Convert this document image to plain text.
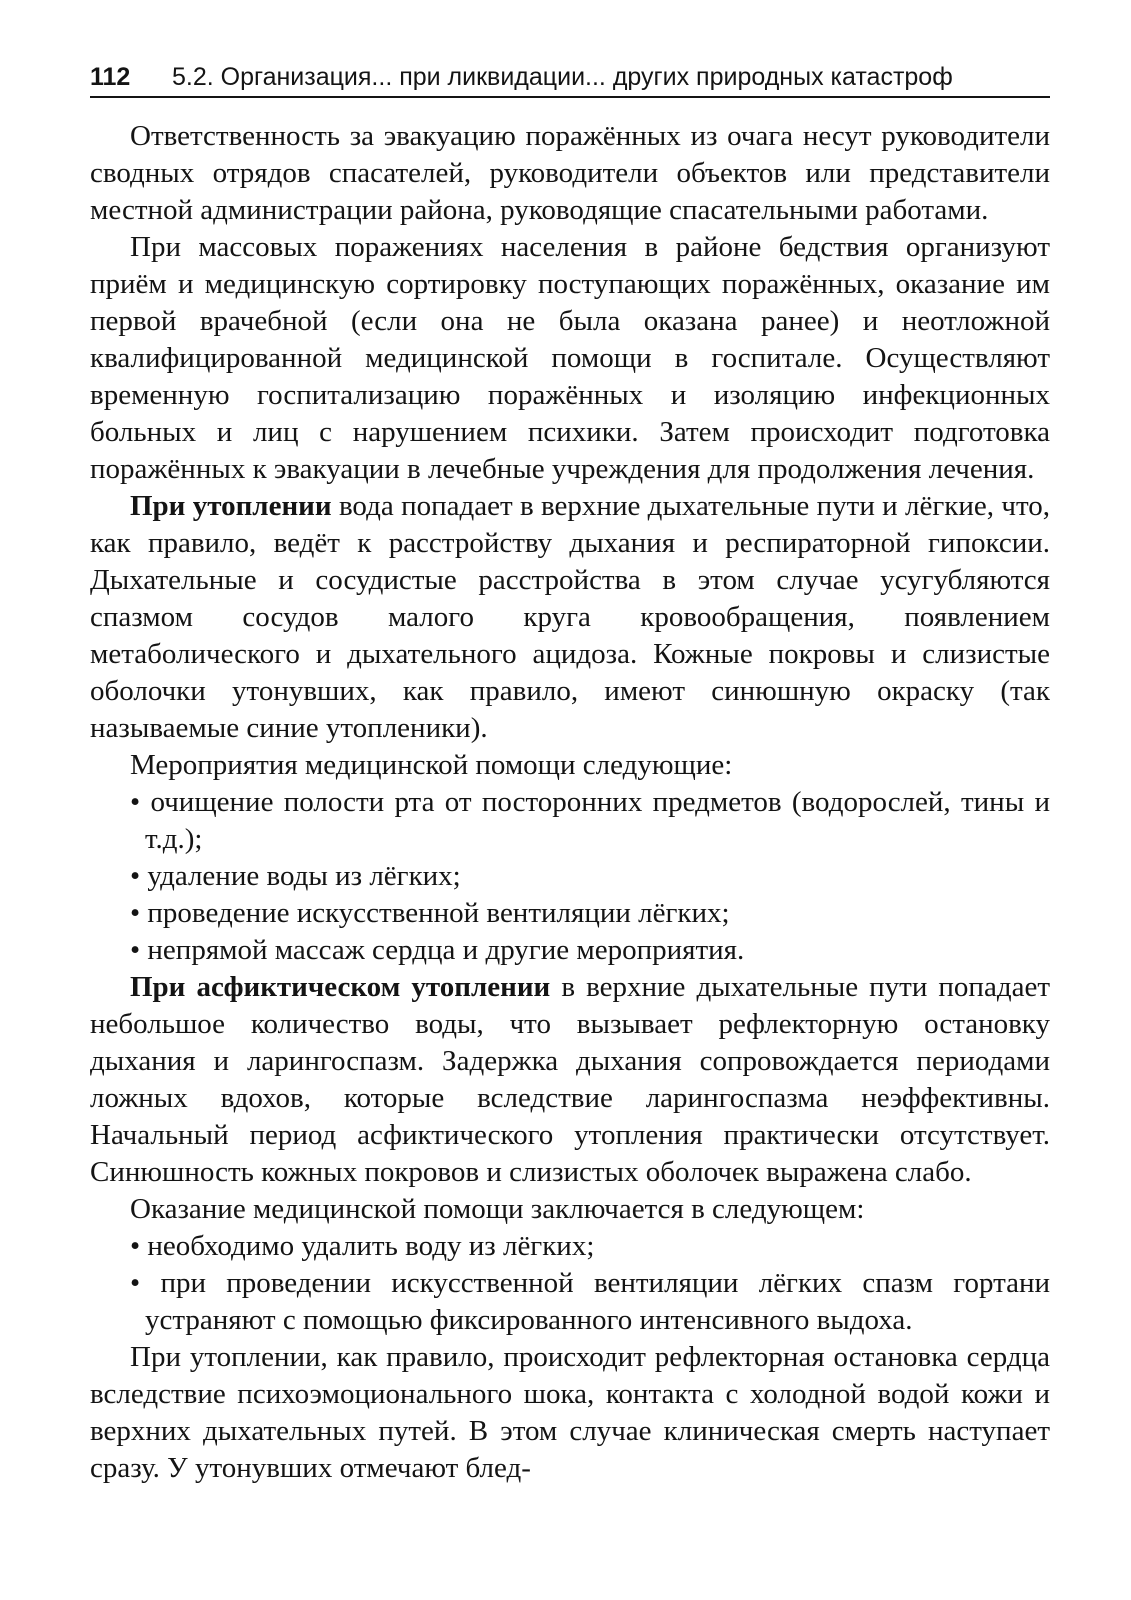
112 5.2. Организация... при ликвидации... других природных катастроф

Ответственность за эвакуацию поражённых из очага несут руководители сводных отрядов спасателей, руководители объектов или представители местной администрации района, руководящие спасательными работами.

При массовых поражениях населения в районе бедствия организуют приём и медицинскую сортировку поступающих поражённых, оказание им первой врачебной (если она не была оказана ранее) и неотложной квалифицированной медицинской помощи в госпитале. Осуществляют временную госпитализацию поражённых и изоляцию инфекционных больных и лиц с нарушением психики. Затем происходит подготовка поражённых к эвакуации в лечебные учреждения для продолжения лечения.

При утоплении вода попадает в верхние дыхательные пути и лёгкие, что, как правило, ведёт к расстройству дыхания и респираторной гипоксии. Дыхательные и сосудистые расстройства в этом случае усугубляются спазмом сосудов малого круга кровообращения, появлением метаболического и дыхательного ацидоза. Кожные покровы и слизистые оболочки утонувших, как правило, имеют синюшную окраску (так называемые синие утопленики).

Мероприятия медицинской помощи следующие:

• очищение полости рта от посторонних предметов (водорослей, тины и т.д.);
• удаление воды из лёгких;
• проведение искусственной вентиляции лёгких;
• непрямой массаж сердца и другие мероприятия.

При асфиктическом утоплении в верхние дыхательные пути попадает небольшое количество воды, что вызывает рефлекторную остановку дыхания и ларингоспазм. Задержка дыхания сопровождается периодами ложных вдохов, которые вследствие ларингоспазма неэффективны. Начальный период асфиктического утопления практически отсутствует. Синюшность кожных покровов и слизистых оболочек выражена слабо.

Оказание медицинской помощи заключается в следующем:

• необходимо удалить воду из лёгких;
• при проведении искусственной вентиляции лёгких спазм гортани устраняют с помощью фиксированного интенсивного выдоха.

При утоплении, как правило, происходит рефлекторная остановка сердца вследствие психоэмоционального шока, контакта с холодной водой кожи и верхних дыхательных путей. В этом случае клиническая смерть наступает сразу. У утонувших отмечают блед-
